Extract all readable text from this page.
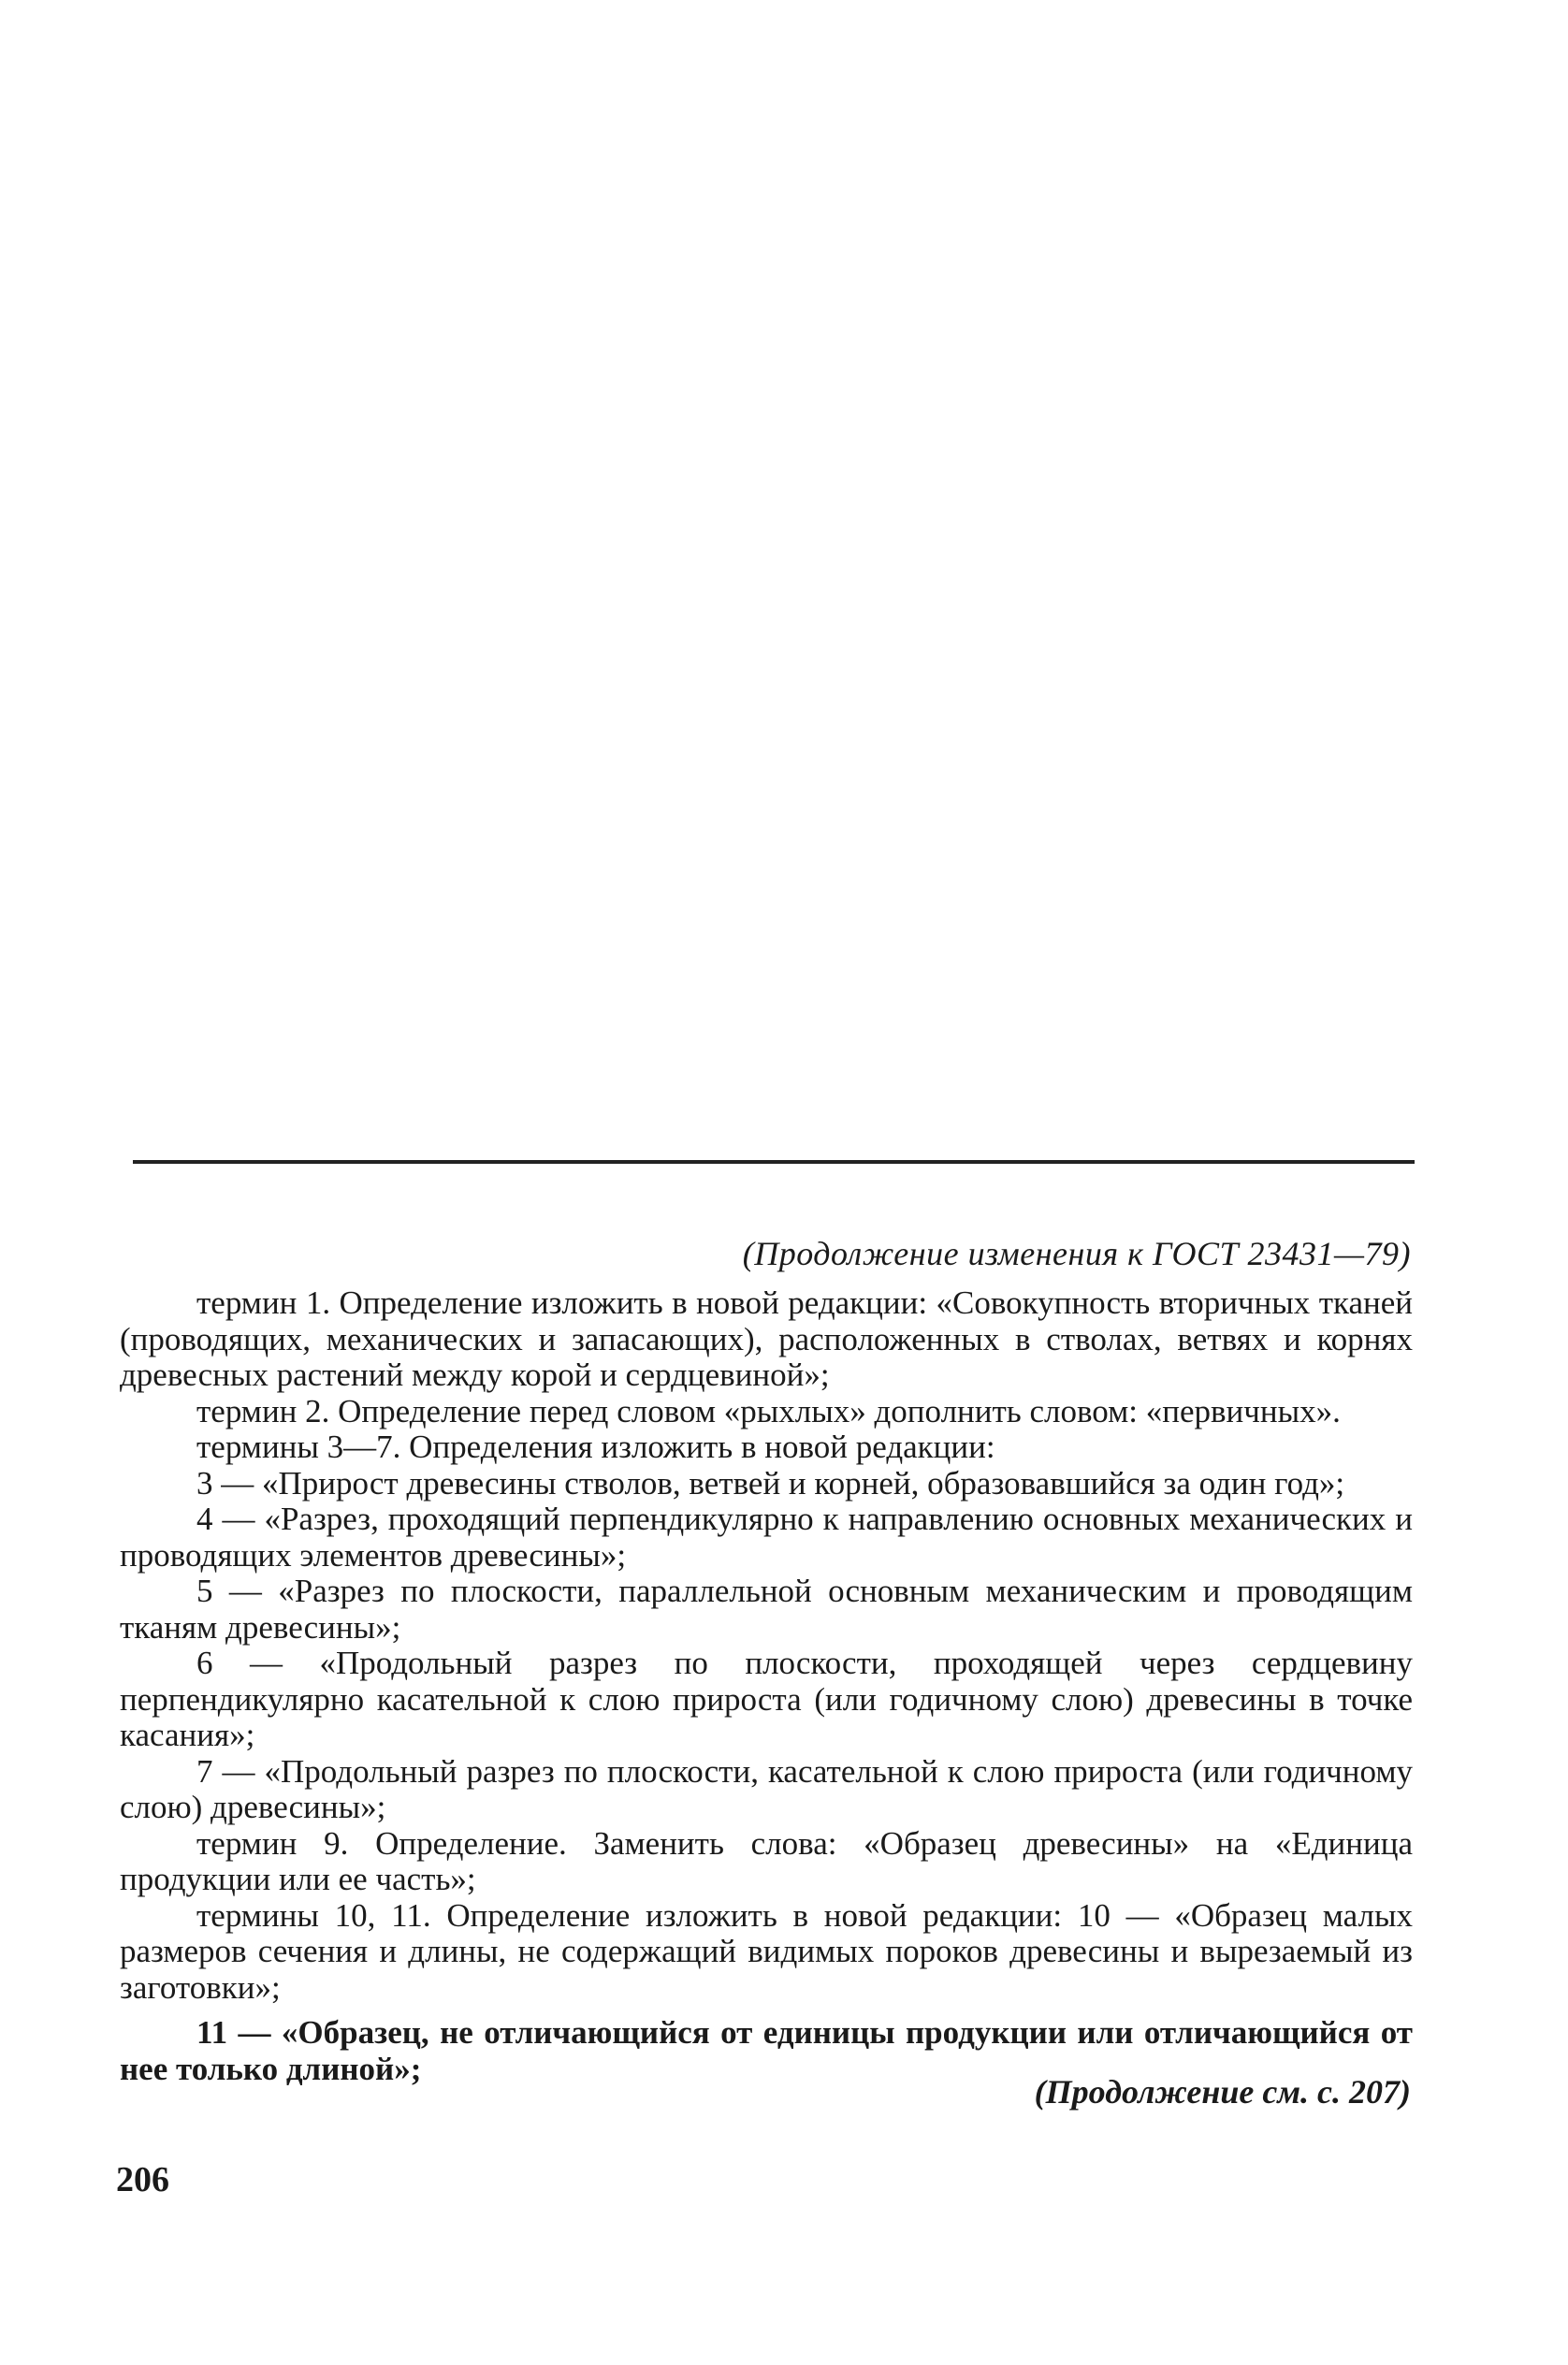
(Продолжение изменения к ГОСТ 23431—79)

термин 1. Определение изложить в новой редакции: «Совокупность вторичных тканей (проводящих, механических и запасающих), расположенных в стволах, ветвях и корнях древесных растений между корой и сердцевиной»;

термин 2. Определение перед словом «рыхлых» дополнить словом: «первичных».

термины 3—7. Определения изложить в новой редакции:

3 — «Прирост древесины стволов, ветвей и корней, образовавшийся за один год»;

4 — «Разрез, проходящий перпендикулярно к направлению основных механических и проводящих элементов древесины»;

5 — «Разрез по плоскости, параллельной основным механическим и проводящим тканям древесины»;

6 — «Продольный разрез по плоскости, проходящей через сердцевину перпендикулярно касательной к слою прироста (или годичному слою) древесины в точке касания»;

7 — «Продольный разрез по плоскости, касательной к слою прироста (или годичному слою) древесины»;

термин 9. Определение. Заменить слова: «Образец древесины» на «Единица продукции или ее часть»;

термины 10, 11. Определение изложить в новой редакции: 10 — «Образец малых размеров сечения и длины, не содержащий видимых пороков древесины и вырезаемый из заготовки»;

11 — «Образец, не отличающийся от единицы продукции или отличающийся от нее только длиной»;

(Продолжение см. с. 207)
206
